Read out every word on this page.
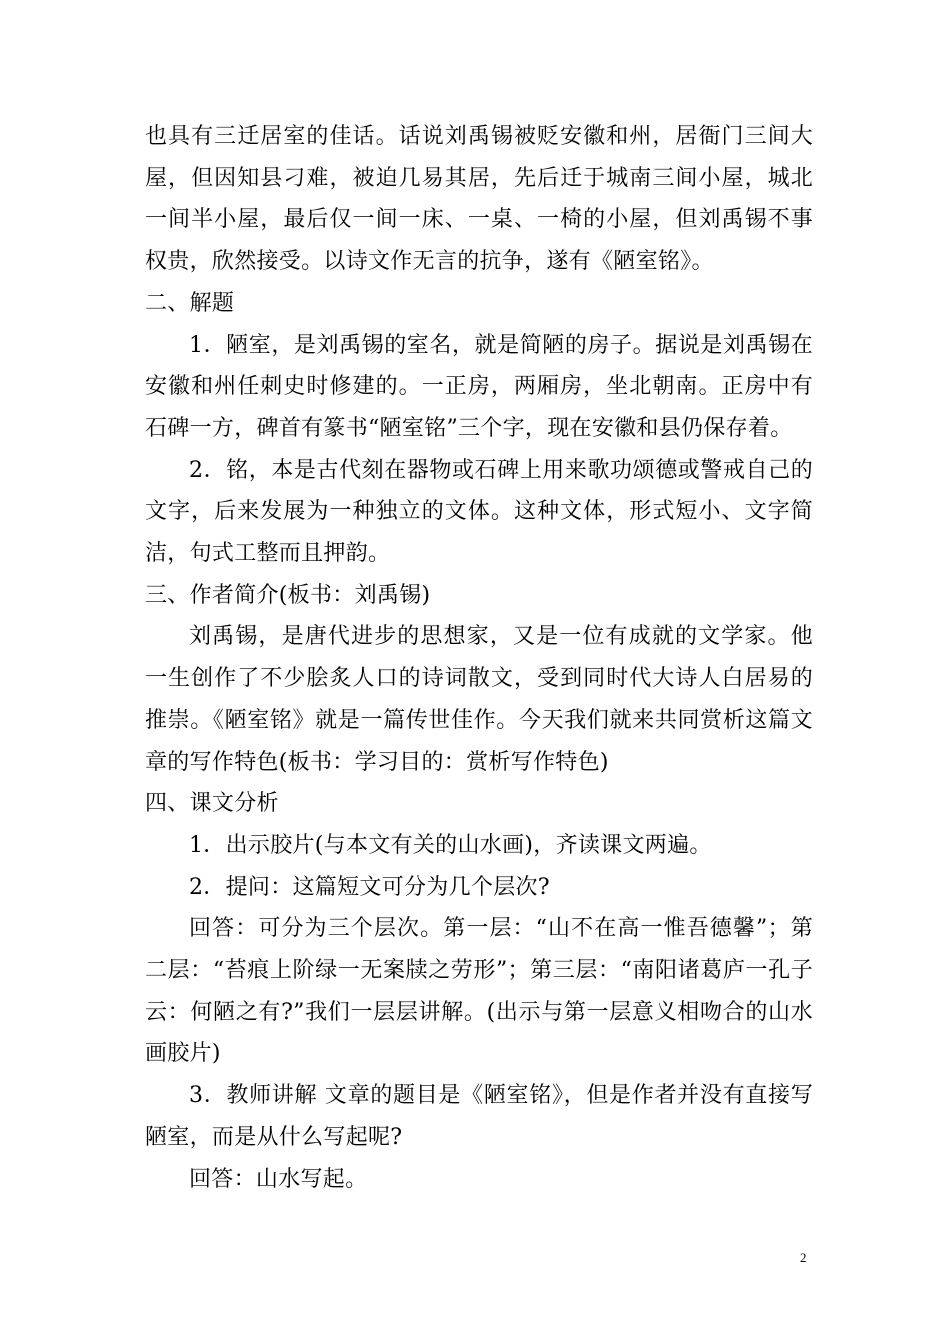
也具有三迁居室的佳话。话说刘禹锡被贬安徽和州，居衙门三间大屋，但因知县刁难，被迫几易其居，先后迁于城南三间小屋，城北一间半小屋，最后仅一间一床、一桌、一椅的小屋，但刘禹锡不事权贵，欣然接受。以诗文作无言的抗争，遂有《陋室铭》。

二、解题

1．陋室，是刘禹锡的室名，就是简陋的房子。据说是刘禹锡在安徽和州任刺史时修建的。一正房，两厢房，坐北朝南。正房中有石碑一方，碑首有篆书“陋室铭”三个字，现在安徽和县仍保存着。

2．铭，本是古代刻在器物或石碑上用来歌功颂德或警戒自己的文字，后来发展为一种独立的文体。这种文体，形式短小、文字简洁，句式工整而且押韵。

三、作者简介(板书：刘禹锡)

刘禹锡，是唐代进步的思想家，又是一位有成就的文学家。他一生创作了不少脍炙人口的诗词散文，受到同时代大诗人白居易的推崇。《陋室铭》就是一篇传世佳作。今天我们就来共同赏析这篇文章的写作特色(板书：学习目的：赏析写作特色)

四、课文分析

1．出示胶片(与本文有关的山水画)，齐读课文两遍。

2．提问：这篇短文可分为几个层次?

回答：可分为三个层次。第一层：“山不在高一惟吾德馨”；第二层：“苔痕上阶绿一无案牍之劳形”；第三层：“南阳诸葛庐一孔子云：何陋之有?”我们一层层讲解。(出示与第一层意义相吻合的山水画胶片)

3．教师讲解 文章的题目是《陋室铭》，但是作者并没有直接写陋室，而是从什么写起呢?

回答：山水写起。

2
